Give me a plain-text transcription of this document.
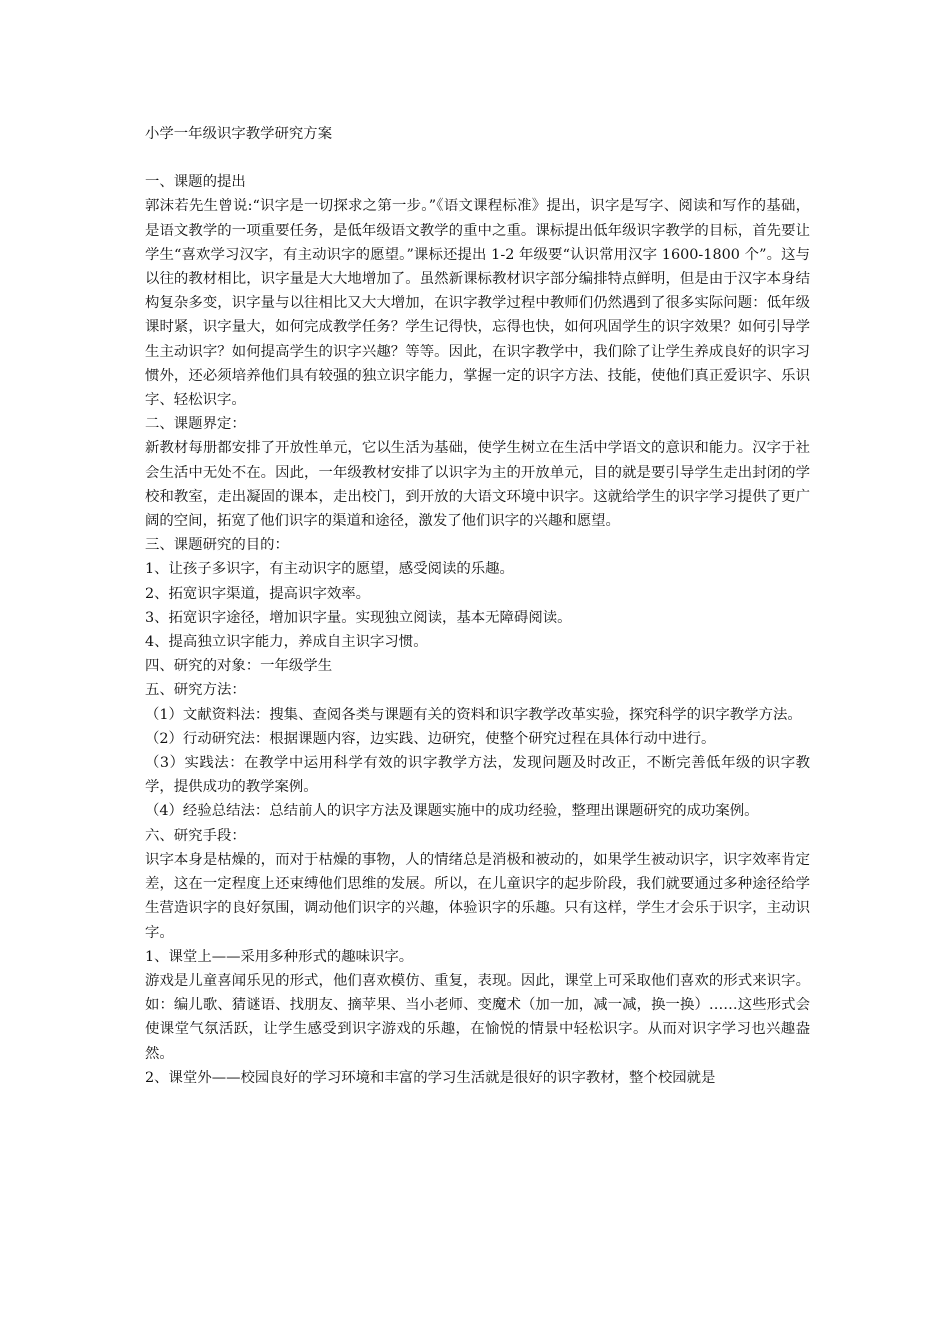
小学一年级识字教学研究方案

一、课题的提出

郭沫若先生曾说:“识字是一切探求之第一步。”《语文课程标准》提出，识字是写字、阅读和写作的基础，是语文教学的一项重要任务，是低年级语文教学的重中之重。课标提出低年级识字教学的目标，首先要让学生“喜欢学习汉字，有主动识字的愿望。”课标还提出 1-2 年级要“认识常用汉字 1600-1800 个”。这与以往的教材相比，识字量是大大地增加了。虽然新课标教材识字部分编排特点鲜明，但是由于汉字本身结构复杂多变，识字量与以往相比又大大增加，在识字教学过程中教师们仍然遇到了很多实际问题：低年级课时紧，识字量大，如何完成教学任务？学生记得快，忘得也快，如何巩固学生的识字效果？如何引导学生主动识字？如何提高学生的识字兴趣？等等。因此，在识字教学中，我们除了让学生养成良好的识字习惯外，还必须培养他们具有较强的独立识字能力，掌握一定的识字方法、技能，使他们真正爱识字、乐识字、轻松识字。

二、课题界定：

新教材每册都安排了开放性单元，它以生活为基础，使学生树立在生活中学语文的意识和能力。汉字于社会生活中无处不在。因此，一年级教材安排了以识字为主的开放单元，目的就是要引导学生走出封闭的学校和教室，走出凝固的课本，走出校门，到开放的大语文环境中识字。这就给学生的识字学习提供了更广阔的空间，拓宽了他们识字的渠道和途径，激发了他们识字的兴趣和愿望。

三、课题研究的目的：

1、让孩子多识字，有主动识字的愿望，感受阅读的乐趣。

2、拓宽识字渠道，提高识字效率。

3、拓宽识字途径，增加识字量。实现独立阅读，基本无障碍阅读。

4、提高独立识字能力，养成自主识字习惯。

四、研究的对象：一年级学生

五、研究方法：

（1）文献资料法：搜集、查阅各类与课题有关的资料和识字教学改革实验，探究科学的识字教学方法。

（2）行动研究法：根据课题内容，边实践、边研究，使整个研究过程在具体行动中进行。

（3）实践法：在教学中运用科学有效的识字教学方法，发现问题及时改正，不断完善低年级的识字教学，提供成功的教学案例。

（4）经验总结法：总结前人的识字方法及课题实施中的成功经验，整理出课题研究的成功案例。

六、研究手段：

识字本身是枯燥的，而对于枯燥的事物，人的情绪总是消极和被动的，如果学生被动识字，识字效率肯定差，这在一定程度上还束缚他们思维的发展。所以，在儿童识字的起步阶段，我们就要通过多种途径给学生营造识字的良好氛围，调动他们识字的兴趣，体验识字的乐趣。只有这样，学生才会乐于识字，主动识字。

1、课堂上——采用多种形式的趣味识字。

游戏是儿童喜闻乐见的形式，他们喜欢模仿、重复，表现。因此，课堂上可采取他们喜欢的形式来识字。如：编儿歌、猜谜语、找朋友、摘苹果、当小老师、变魔术（加一加，减一减，换一换）……这些形式会使课堂气氛活跃，让学生感受到识字游戏的乐趣，在愉悦的情景中轻松识字。从而对识字学习也兴趣盎然。

2、课堂外——校园良好的学习环境和丰富的学习生活就是很好的识字教材，整个校园就是
